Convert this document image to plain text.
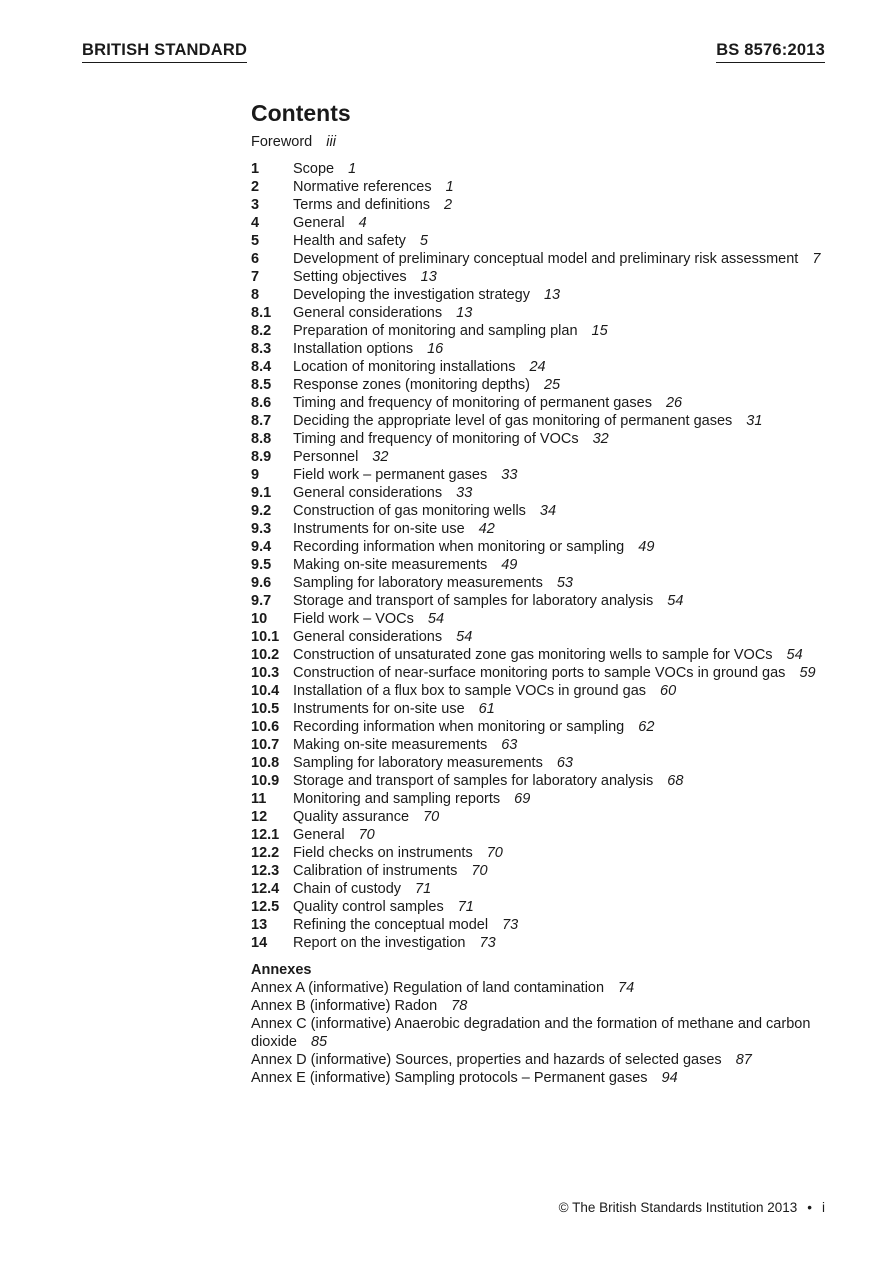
BRITISH STANDARD	BS 8576:2013
Contents
Foreword iii
1	Scope 1
2	Normative references 1
3	Terms and definitions 2
4	General 4
5	Health and safety 5
6	Development of preliminary conceptual model and preliminary risk assessment 7
7	Setting objectives 13
8	Developing the investigation strategy 13
8.1	General considerations 13
8.2	Preparation of monitoring and sampling plan 15
8.3	Installation options 16
8.4	Location of monitoring installations 24
8.5	Response zones (monitoring depths) 25
8.6	Timing and frequency of monitoring of permanent gases 26
8.7	Deciding the appropriate level of gas monitoring of permanent gases 31
8.8	Timing and frequency of monitoring of VOCs 32
8.9	Personnel 32
9	Field work – permanent gases 33
9.1	General considerations 33
9.2	Construction of gas monitoring wells 34
9.3	Instruments for on-site use 42
9.4	Recording information when monitoring or sampling 49
9.5	Making on-site measurements 49
9.6	Sampling for laboratory measurements 53
9.7	Storage and transport of samples for laboratory analysis 54
10	Field work – VOCs 54
10.1 General considerations 54
10.2 Construction of unsaturated zone gas monitoring wells to sample for VOCs 54
10.3 Construction of near-surface monitoring ports to sample VOCs in ground gas 59
10.4 Installation of a flux box to sample VOCs in ground gas 60
10.5 Instruments for on-site use 61
10.6 Recording information when monitoring or sampling 62
10.7 Making on-site measurements 63
10.8 Sampling for laboratory measurements 63
10.9 Storage and transport of samples for laboratory analysis 68
11	Monitoring and sampling reports 69
12	Quality assurance 70
12.1 General 70
12.2 Field checks on instruments 70
12.3 Calibration of instruments 70
12.4 Chain of custody 71
12.5 Quality control samples 71
13	Refining the conceptual model 73
14	Report on the investigation 73
Annexes
Annex A (informative) Regulation of land contamination 74
Annex B (informative) Radon 78
Annex C (informative) Anaerobic degradation and the formation of methane and carbon dioxide 85
Annex D (informative) Sources, properties and hazards of selected gases 87
Annex E (informative) Sampling protocols – Permanent gases 94
© The British Standards Institution 2013 • i
